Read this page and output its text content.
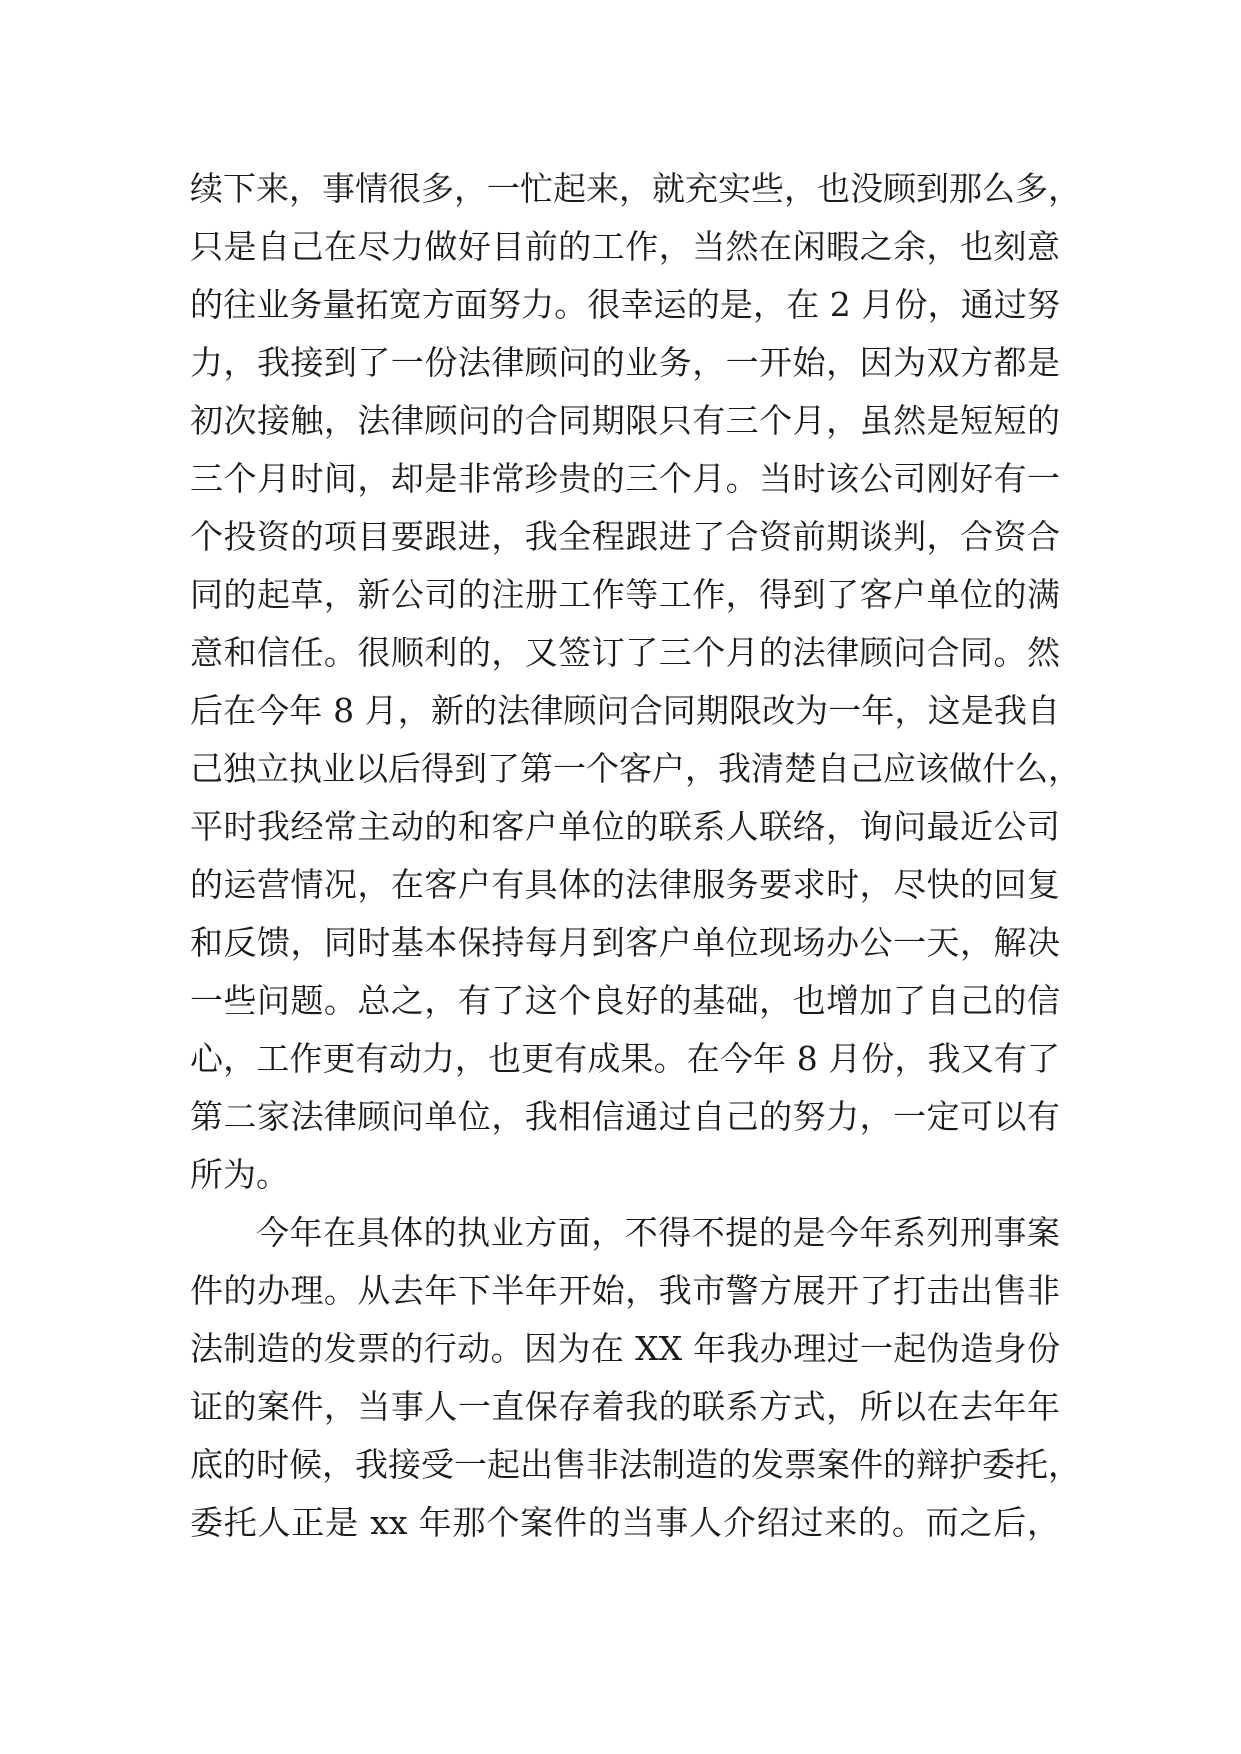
续下来，事情很多，一忙起来，就充实些，也没顾到那么多，
只是自己在尽力做好目前的工作，当然在闲暇之余，也刻意
的往业务量拓宽方面努力。很幸运的是，在 2 月份，通过努
力，我接到了一份法律顾问的业务，一开始，因为双方都是
初次接触，法律顾问的合同期限只有三个月，虽然是短短的
三个月时间，却是非常珍贵的三个月。当时该公司刚好有一
个投资的项目要跟进，我全程跟进了合资前期谈判，合资合
同的起草，新公司的注册工作等工作，得到了客户单位的满
意和信任。很顺利的，又签订了三个月的法律顾问合同。然
后在今年 8 月，新的法律顾问合同期限改为一年，这是我自
己独立执业以后得到了第一个客户，我清楚自己应该做什么，
平时我经常主动的和客户单位的联系人联络，询问最近公司
的运营情况，在客户有具体的法律服务要求时，尽快的回复
和反馈，同时基本保持每月到客户单位现场办公一天，解决
一些问题。总之，有了这个良好的基础，也增加了自己的信
心，工作更有动力，也更有成果。在今年 8 月份，我又有了
第二家法律顾问单位，我相信通过自己的努力，一定可以有
所为。
今年在具体的执业方面，不得不提的是今年系列刑事案
件的办理。从去年下半年开始，我市警方展开了打击出售非
法制造的发票的行动。因为在 XX 年我办理过一起伪造身份
证的案件，当事人一直保存着我的联系方式，所以在去年年
底的时候，我接受一起出售非法制造的发票案件的辩护委托，
委托人正是 xx 年那个案件的当事人介绍过来的。而之后，
